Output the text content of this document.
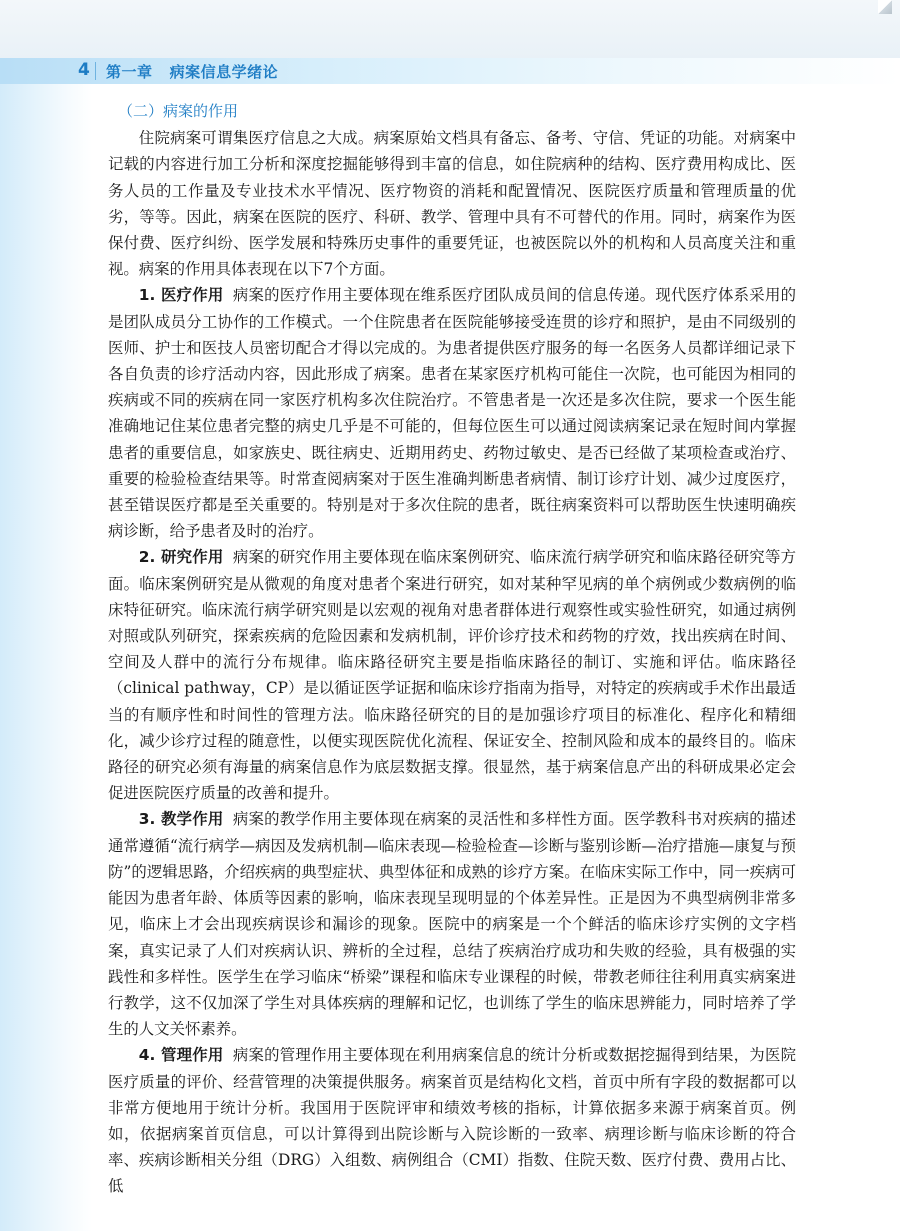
4 第一章   病案信息学绪论
（二）病案的作用

住院病案可谓集医疗信息之大成。病案原始文档具有备忘、备考、守信、凭证的功能。对病案中记载的内容进行加工分析和深度挖掘能够得到丰富的信息，如住院病种的结构、医疗费用构成比、医务人员的工作量及专业技术水平情况、医疗物资的消耗和配置情况、医院医疗质量和管理质量的优劣，等等。因此，病案在医院的医疗、科研、教学、管理中具有不可替代的作用。同时，病案作为医保付费、医疗纠纷、医学发展和特殊历史事件的重要凭证，也被医院以外的机构和人员高度关注和重视。病案的作用具体表现在以下7个方面。

1. 医疗作用 病案的医疗作用主要体现在维系医疗团队成员间的信息传递。现代医疗体系采用的是团队成员分工协作的工作模式。一个住院患者在医院能够接受连贯的诊疗和照护，是由不同级别的医师、护士和医技人员密切配合才得以完成的。为患者提供医疗服务的每一名医务人员都详细记录下各自负责的诊疗活动内容，因此形成了病案。患者在某家医疗机构可能住一次院，也可能因为相同的疾病或不同的疾病在同一家医疗机构多次住院治疗。不管患者是一次还是多次住院，要求一个医生能准确地记住某位患者完整的病史几乎是不可能的，但每位医生可以通过阅读病案记录在短时间内掌握患者的重要信息，如家族史、既往病史、近期用药史、药物过敏史、是否已经做了某项检查或治疗、重要的检验检查结果等。时常查阅病案对于医生准确判断患者病情、制订诊疗计划、减少过度医疗，甚至错误医疗都是至关重要的。特别是对于多次住院的患者，既往病案资料可以帮助医生快速明确疾病诊断，给予患者及时的治疗。

2. 研究作用 病案的研究作用主要体现在临床案例研究、临床流行病学研究和临床路径研究等方面。临床案例研究是从微观的角度对患者个案进行研究，如对某种罕见病的单个病例或少数病例的临床特征研究。临床流行病学研究则是以宏观的视角对患者群体进行观察性或实验性研究，如通过病例对照或队列研究，探索疾病的危险因素和发病机制，评价诊疗技术和药物的疗效，找出疾病在时间、空间及人群中的流行分布规律。临床路径研究主要是指临床路径的制订、实施和评估。临床路径（clinical pathway，CP）是以循证医学证据和临床诊疗指南为指导，对特定的疾病或手术作出最适当的有顺序性和时间性的管理方法。临床路径研究的目的是加强诊疗项目的标准化、程序化和精细化，减少诊疗过程的随意性，以便实现医院优化流程、保证安全、控制风险和成本的最终目的。临床路径的研究必须有海量的病案信息作为底层数据支撑。很显然，基于病案信息产出的科研成果必定会促进医院医疗质量的改善和提升。

3. 教学作用 病案的教学作用主要体现在病案的灵活性和多样性方面。医学教科书对疾病的描述通常遵循“流行病学—病因及发病机制—临床表现—检验检查—诊断与鉴别诊断—治疗措施—康复与预防”的逻辑思路，介绍疾病的典型症状、典型体征和成熟的诊疗方案。在临床实际工作中，同一疾病可能因为患者年龄、体质等因素的影响，临床表现呈现明显的个体差异性。正是因为不典型病例非常多见，临床上才会出现疾病误诊和漏诊的现象。医院中的病案是一个个鲜活的临床诊疗实例的文字档案，真实记录了人们对疾病认识、辨析的全过程，总结了疾病治疗成功和失败的经验，具有极强的实践性和多样性。医学生在学习临床“桥梁”课程和临床专业课程的时候，带教老师往往利用真实病案进行教学，这不仅加深了学生对具体疾病的理解和记忆，也训练了学生的临床思辨能力，同时培养了学生的人文关怀素养。

4. 管理作用 病案的管理作用主要体现在利用病案信息的统计分析或数据挖掘得到结果，为医院医疗质量的评价、经营管理的决策提供服务。病案首页是结构化文档，首页中所有字段的数据都可以非常方便地用于统计分析。我国用于医院评审和绩效考核的指标，计算依据多来源于病案首页。例如，依据病案首页信息，可以计算得到出院诊断与入院诊断的一致率、病理诊断与临床诊断的符合率、疾病诊断相关分组（DRG）入组数、病例组合（CMI）指数、住院天数、医疗付费、费用占比、低
